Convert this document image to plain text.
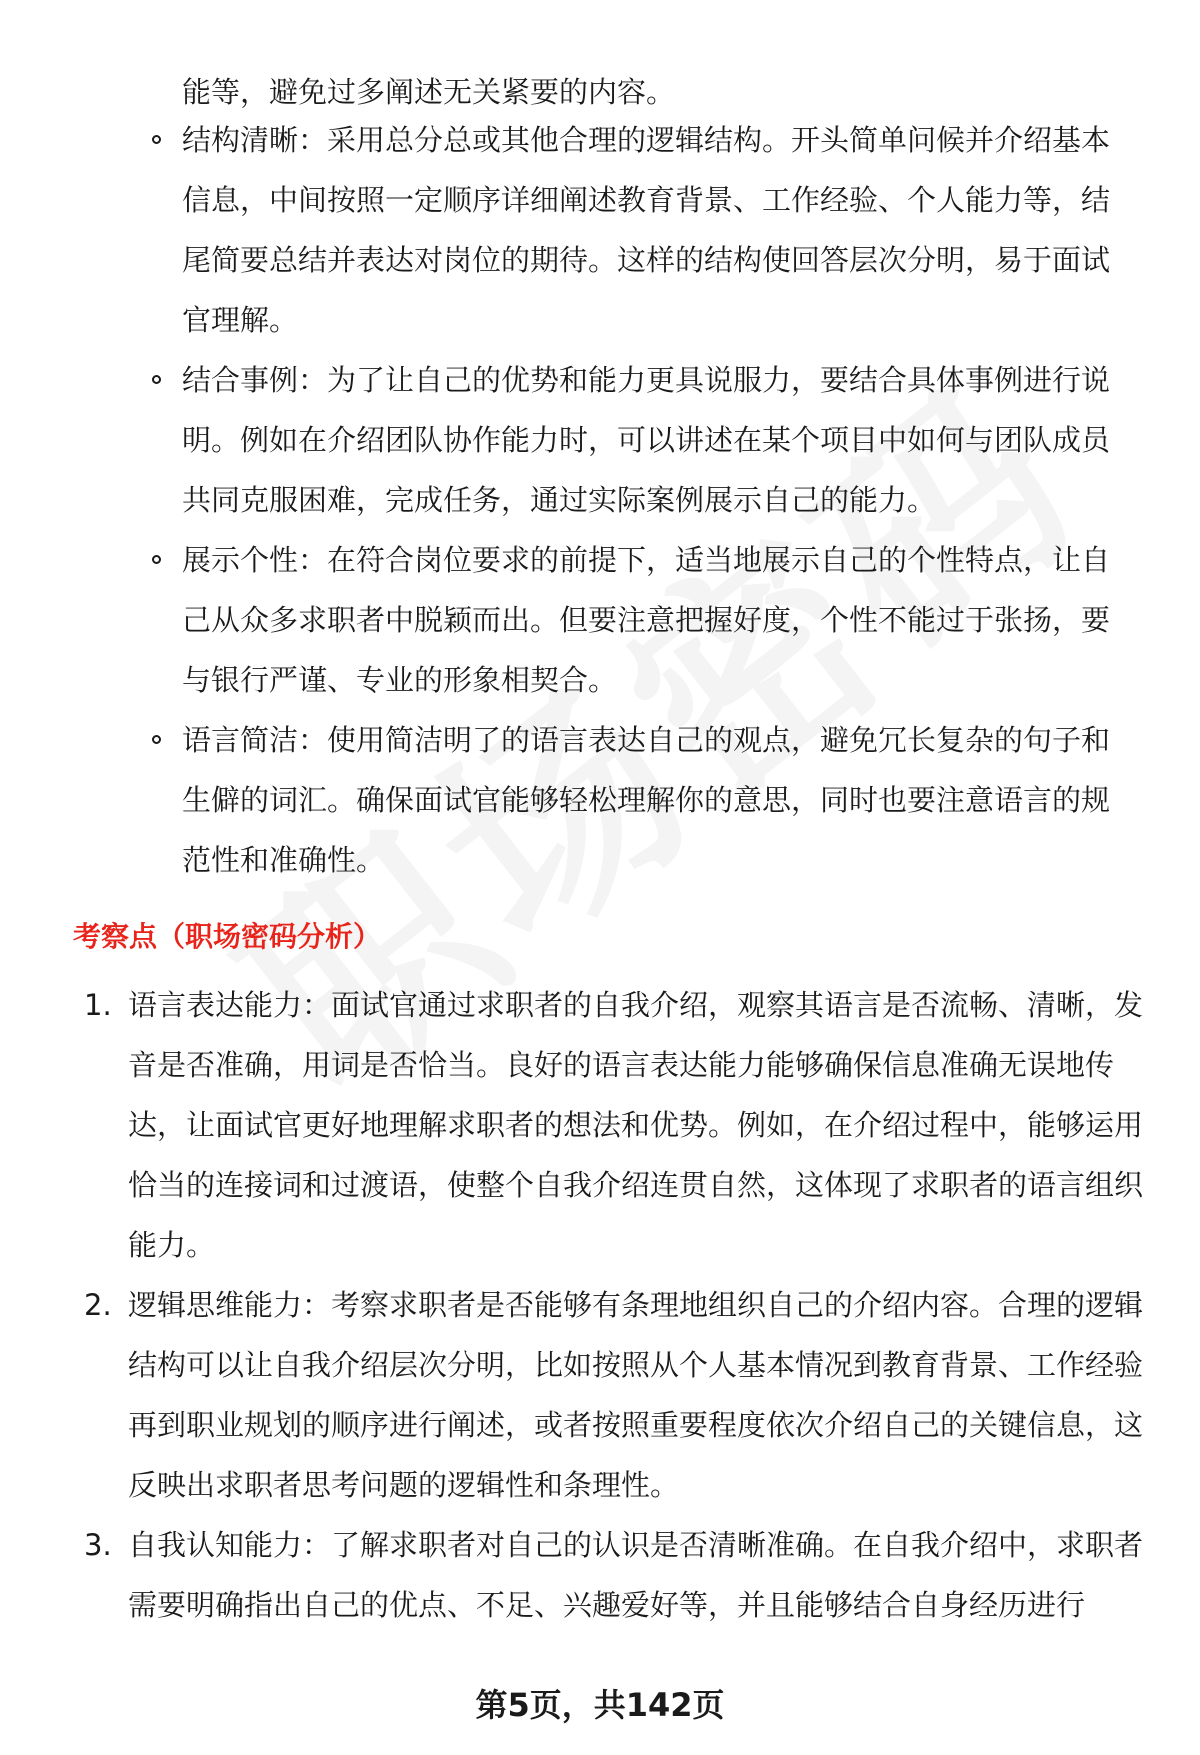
能等，避免过多阐述无关紧要的内容。
结构清晰：采用总分总或其他合理的逻辑结构。开头简单问候并介绍基本信息，中间按照一定顺序详细阐述教育背景、工作经验、个人能力等，结尾简要总结并表达对岗位的期待。这样的结构使回答层次分明，易于面试官理解。
结合事例：为了让自己的优势和能力更具说服力，要结合具体事例进行说明。例如在介绍团队协作能力时，可以讲述在某个项目中如何与团队成员共同克服困难，完成任务，通过实际案例展示自己的能力。
展示个性：在符合岗位要求的前提下，适当地展示自己的个性特点，让自己从众多求职者中脱颖而出。但要注意把握好度，个性不能过于张扬，要与银行严谨、专业的形象相契合。
语言简洁：使用简洁明了的语言表达自己的观点，避免冗长复杂的句子和生僻的词汇。确保面试官能够轻松理解你的意思，同时也要注意语言的规范性和准确性。
考察点（职场密码分析）
1. 语言表达能力：面试官通过求职者的自我介绍，观察其语言是否流畅、清晰，发音是否准确，用词是否恰当。良好的语言表达能力能够确保信息准确无误地传达，让面试官更好地理解求职者的想法和优势。例如，在介绍过程中，能够运用恰当的连接词和过渡语，使整个自我介绍连贯自然，这体现了求职者的语言组织能力。
2. 逻辑思维能力：考察求职者是否能够有条理地组织自己的介绍内容。合理的逻辑结构可以让自我介绍层次分明，比如按照从个人基本情况到教育背景、工作经验再到职业规划的顺序进行阐述，或者按照重要程度依次介绍自己的关键信息，这反映出求职者思考问题的逻辑性和条理性。
3. 自我认知能力：了解求职者对自己的认识是否清晰准确。在自我介绍中，求职者需要明确指出自己的优点、不足、兴趣爱好等，并且能够结合自身经历进行
第5页，共142页
